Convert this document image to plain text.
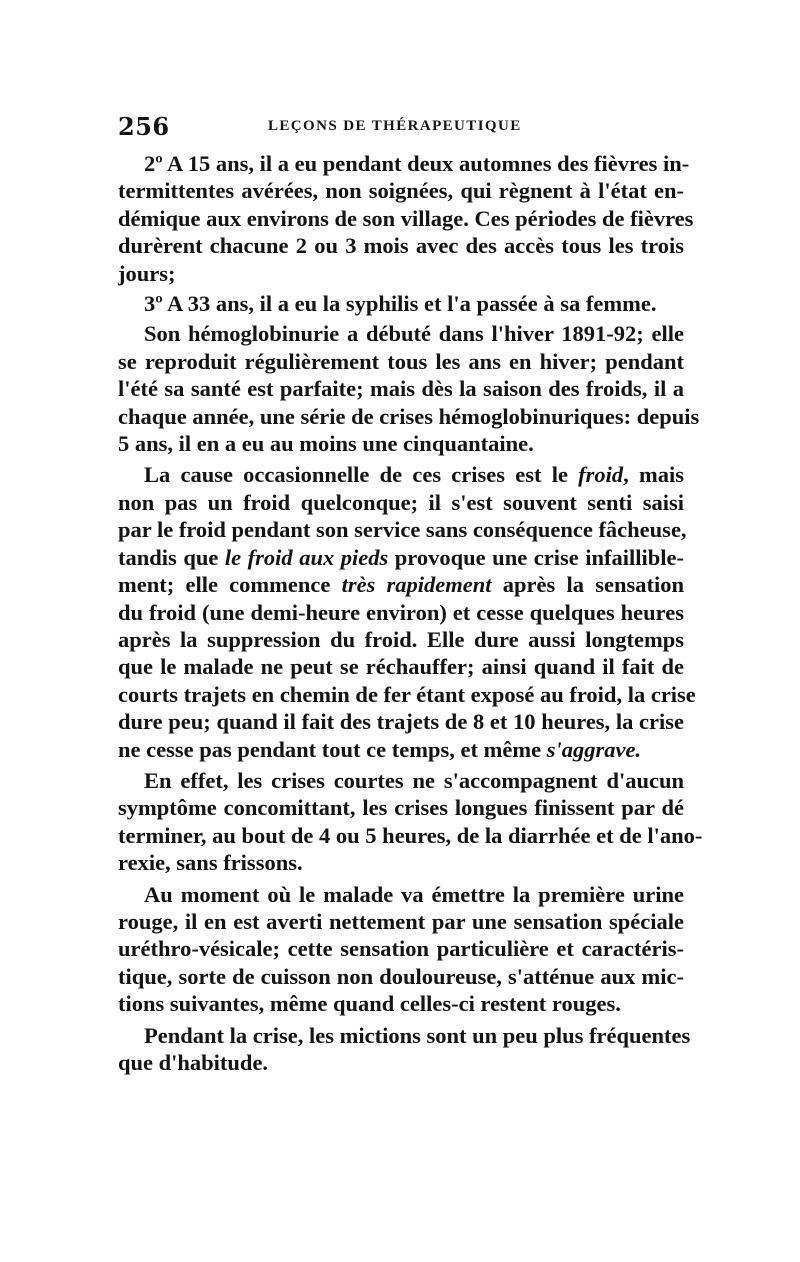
256	LEÇONS DE THÉRAPEUTIQUE
2º A 15 ans, il a eu pendant deux automnes des fièvres in-
termittentes avérées, non soignées, qui règnent à l'état en-
démique aux environs de son village. Ces périodes de fièvres
durèrent chacune 2 ou 3 mois avec des accès tous les trois
jours;
3º A 33 ans, il a eu la syphilis et l'a passée à sa femme.
Son hémoglobinurie a débuté dans l'hiver 1891-92; elle
se reproduit régulièrement tous les ans en hiver; pendant
l'été sa santé est parfaite; mais dès la saison des froids, il a
chaque année, une série de crises hémoglobinuriques: depuis
5 ans, il en a eu au moins une cinquantaine.
La cause occasionnelle de ces crises est le froid, mais
non pas un froid quelconque; il s'est souvent senti saisi
par le froid pendant son service sans conséquence fâcheuse,
tandis que le froid aux pieds provoque une crise infaillible-
ment; elle commence très rapidement après la sensation
du froid (une demi-heure environ) et cesse quelques heures
après la suppression du froid. Elle dure aussi longtemps
que le malade ne peut se réchauffer; ainsi quand il fait de
courts trajets en chemin de fer étant exposé au froid, la crise
dure peu; quand il fait des trajets de 8 et 10 heures, la crise
ne cesse pas pendant tout ce temps, et même s'aggrave.
En effet, les crises courtes ne s'accompagnent d'aucun
symptôme concomittant, les crises longues finissent par dé
terminer, au bout de 4 ou 5 heures, de la diarrhée et de l'ano-
rexie, sans frissons.
Au moment où le malade va émettre la première urine
rouge, il en est averti nettement par une sensation spéciale
uréthro-vésicale; cette sensation particulière et caractéris-
tique, sorte de cuisson non douloureuse, s'atténue aux mic-
tions suivantes, même quand celles-ci restent rouges.
Pendant la crise, les mictions sont un peu plus fréquentes
que d'habitude.
